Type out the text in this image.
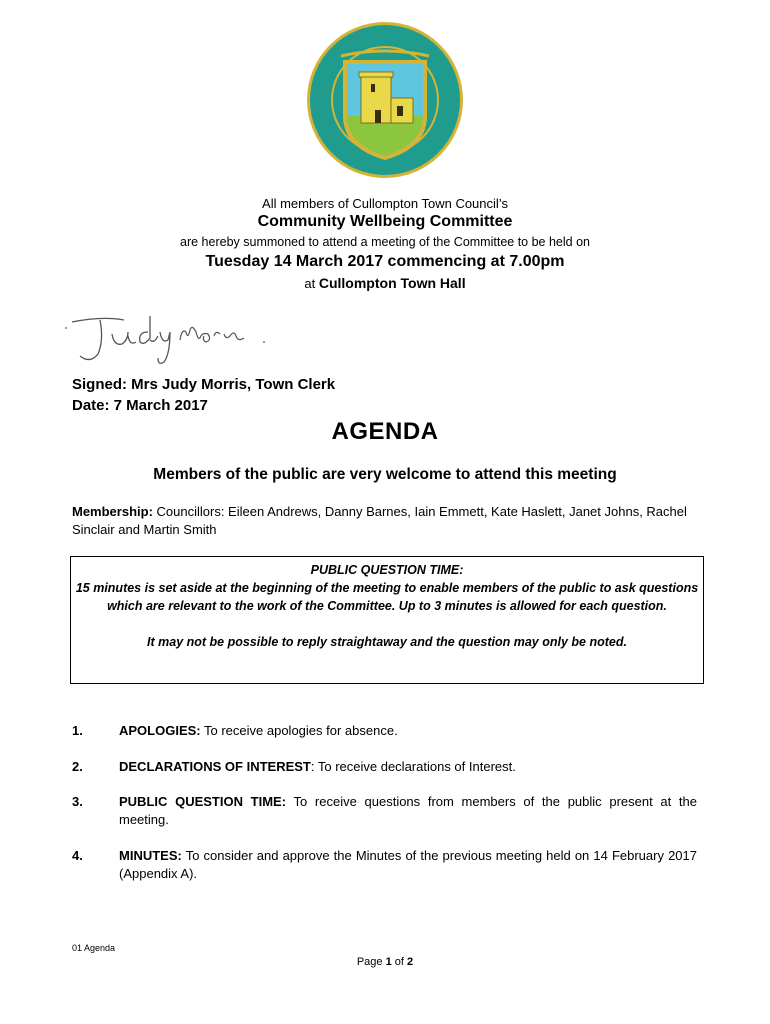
All members of Cullompton Town Council’s
Community Wellbeing Committee
are hereby summoned to attend a meeting of the Committee to be held on
Tuesday 14 March 2017 commencing at 7.00pm
at Cullompton Town Hall
Signed: Mrs Judy Morris, Town Clerk
Date: 7 March 2017
AGENDA
Members of the public are very welcome to attend this meeting
Membership: Councillors: Eileen Andrews, Danny Barnes, Iain Emmett, Kate Haslett, Janet Johns, Rachel Sinclair and Martin Smith
PUBLIC QUESTION TIME:
15 minutes is set aside at the beginning of the meeting to enable members of the public to ask questions which are relevant to the work of the Committee. Up to 3 minutes is allowed for each question.
It may not be possible to reply straightaway and the question may only be noted.
1.	APOLOGIES: To receive apologies for absence.
2.	DECLARATIONS OF INTEREST: To receive declarations of Interest.
3.	PUBLIC QUESTION TIME: To receive questions from members of the public present at the meeting.
4.	MINUTES: To consider and approve the Minutes of the previous meeting held on 14 February 2017 (Appendix A).
01 Agenda
Page 1 of 2
